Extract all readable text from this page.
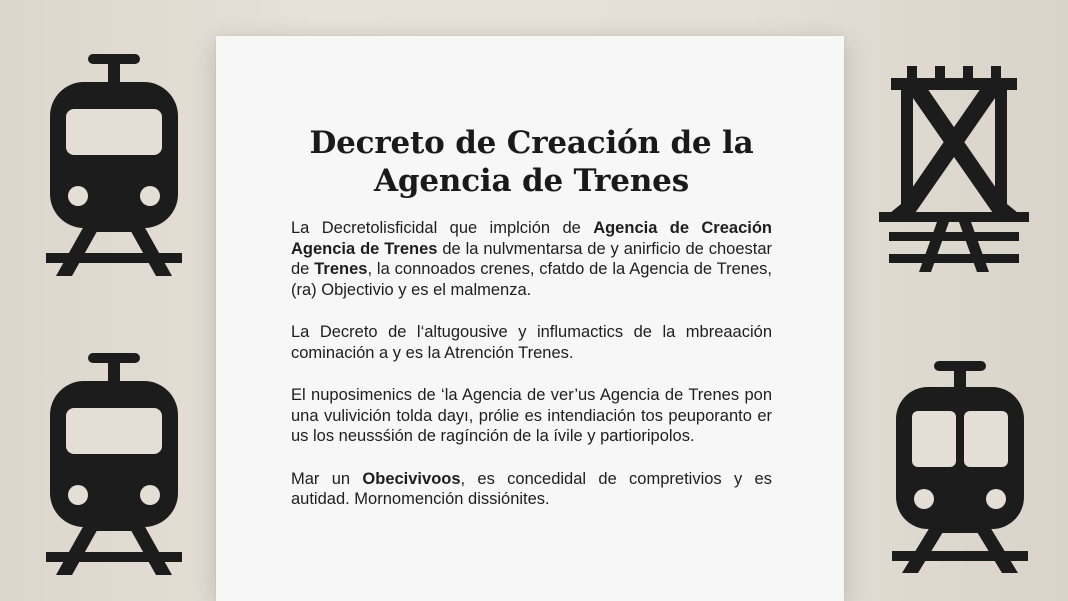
Decreto de Creación de la
Agencia de Trenes

La Decretolisficidal que implсión de Agencia de Creación Agencia de Trenes de la nulvmentarsa de y anirficio de choestar de Trenes, la connoados crenes, cfatdo de la Agencia de Trenes, (ra) Objectivio y es el malmenza.

La Decreto de l‘altugousive y influmactics de la mbreaación cominación a y es la Atrención Trenes.

El nuposimenics de ‘la Agencia de ver’us Agencia de Trenes pon una vulivición tolda dayı, prólie es intendiación tos peuporanto er us los neussśión de ragínción de la ívile y partioripolos.

Mar un Obecivivoos, es concedidal de compretivios y es autidad. Mornomención dissiónites.
